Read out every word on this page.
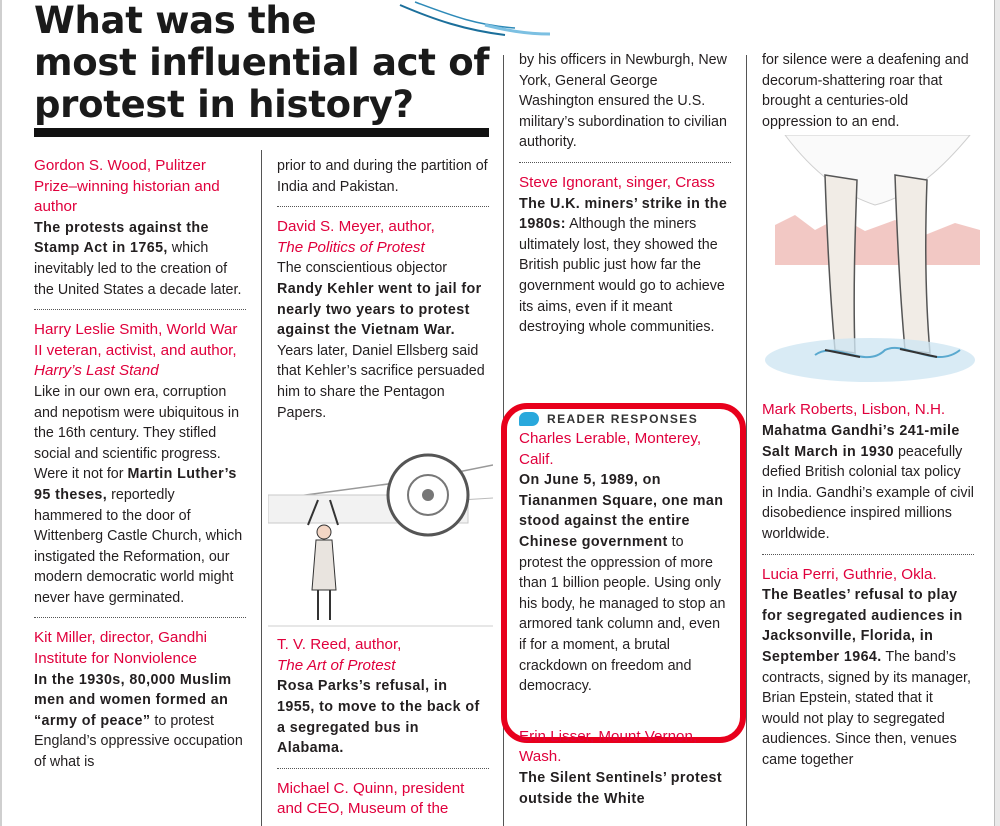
What was the
most influential act of
protest in history?
Gordon S. Wood, Pulitzer Prize–winning historian and author
The protests against the Stamp Act in 1765, which inevitably led to the creation of the United States a decade later.
Harry Leslie Smith, World War II veteran, activist, and author, Harry’s Last Stand
Like in our own era, corruption and nepotism were ubiquitous in the 16th century. They stifled social and scientific progress. Were it not for Martin Luther’s 95 theses, reportedly hammered to the door of Wittenberg Castle Church, which instigated the Reformation, our modern democratic world might never have germinated.
Kit Miller, director, Gandhi Institute for Nonviolence
In the 1930s, 80,000 Muslim men and women formed an “army of peace” to protest England’s oppressive occupation of what is
prior to and during the partition of India and Pakistan.
David S. Meyer, author,
The Politics of Protest
The conscientious objector Randy Kehler went to jail for nearly two years to protest against the Vietnam War. Years later, Daniel Ellsberg said that Kehler’s sacrifice persuaded him to share the Pentagon Papers.
T. V. Reed, author,
The Art of Protest
Rosa Parks’s refusal, in 1955, to move to the back of a segregated bus in Alabama.
Michael C. Quinn, president and CEO, Museum of the
by his officers in Newburgh, New York, General George Washington ensured the U.S. military’s subordination to civilian authority.
Steve Ignorant, singer, Crass
The U.K. miners’ strike in the 1980s: Although the miners ultimately lost, they showed the British public just how far the government would go to achieve its aims, even if it meant destroying whole communities.
READER RESPONSES
Charles Lerable, Monterey, Calif.
On June 5, 1989, on Tiananmen Square, one man stood against the entire Chinese government to protest the oppression of more than 1 billion people. Using only his body, he managed to stop an armored tank column and, even if for a moment, a brutal crackdown on freedom and democracy.
Erin Lisser, Mount Vernon, Wash.
The Silent Sentinels’ protest outside the White
for silence were a deafening and decorum-shattering roar that brought a centuries-old oppression to an end.
Mark Roberts, Lisbon, N.H.
Mahatma Gandhi’s 241-mile Salt March in 1930 peacefully defied British colonial tax policy in India. Gandhi’s example of civil disobedience inspired millions worldwide.
Lucia Perri, Guthrie, Okla.
The Beatles’ refusal to play for segregated audiences in Jacksonville, Florida, in September 1964. The band’s contracts, signed by its manager, Brian Epstein, stated that it would not play to segregated audiences. Since then, venues came together
